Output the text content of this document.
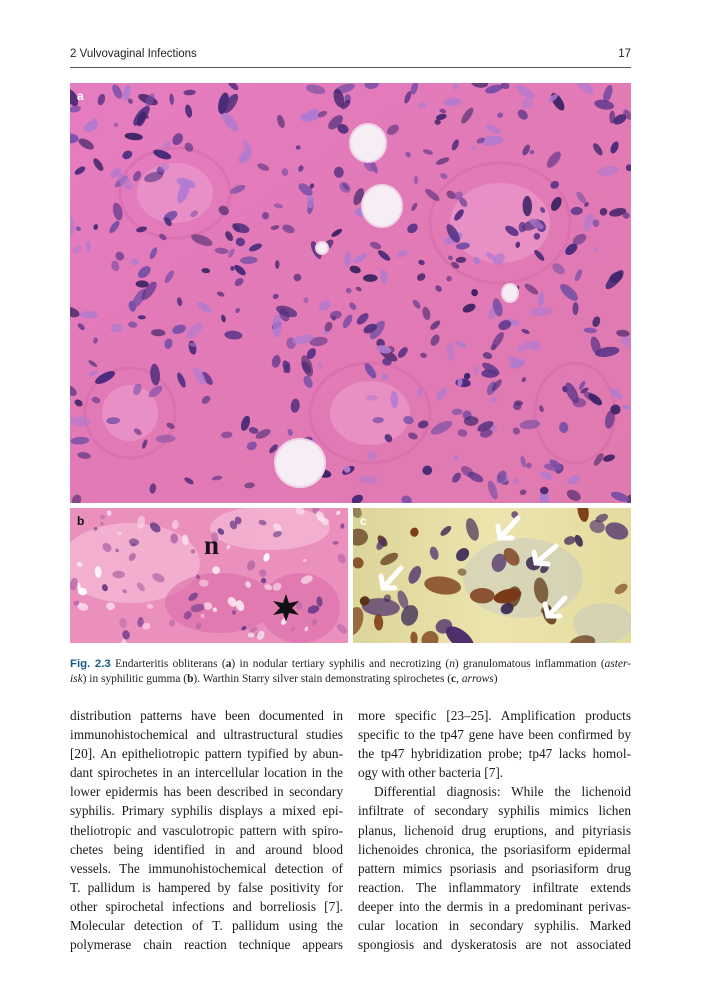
2 Vulvovaginal Infections	17
a
b
n
c
Fig. 2.3 Endarteritis obliterans (a) in nodular tertiary syphilis and necrotizing (n) granulomatous inflammation (aster-
isk) in syphilitic gumma (b). Warthin Starry silver stain demonstrating spirochetes (c, arrows)
distribution patterns have been documented in
immunohistochemical and ultrastructural studies
[20]. An epitheliotropic pattern typified by abun-
dant spirochetes in an intercellular location in the
lower epidermis has been described in secondary
syphilis. Primary syphilis displays a mixed epi-
theliotropic and vasculotropic pattern with spiro-
chetes being identified in and around blood
vessels. The immunohistochemical detection of
T. pallidum is hampered by false positivity for
other spirochetal infections and borreliosis [7].
Molecular detection of T. pallidum using the
polymerase chain reaction technique appears
more specific [23–25]. Amplification products
specific to the tp47 gene have been confirmed by
the tp47 hybridization probe; tp47 lacks homol-
ogy with other bacteria [7].
Differential diagnosis: While the lichenoid
infiltrate of secondary syphilis mimics lichen
planus, lichenoid drug eruptions, and pityriasis
lichenoides chronica, the psoriasiform epidermal
pattern mimics psoriasis and psoriasiform drug
reaction. The inflammatory infiltrate extends
deeper into the dermis in a predominant perivas-
cular location in secondary syphilis. Marked
spongiosis and dyskeratosis are not associated
